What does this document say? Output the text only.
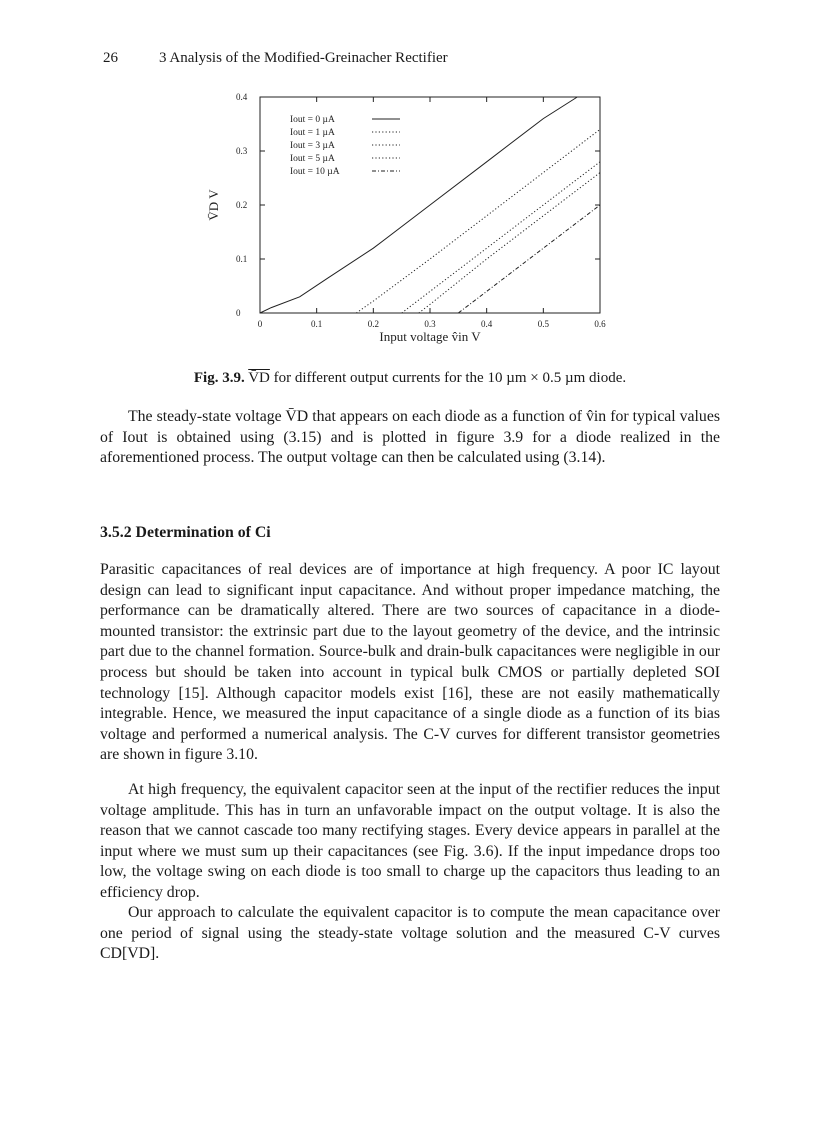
26	3 Analysis of the Modified-Greinacher Rectifier
0	0.1	0.2	0.3	0.4	0.5	0.6
0
0.1
0.2
0.3
0.4
Input voltage v̂in V
V̄D V
Iout = 0 µA
Iout = 1 µA
Iout = 3 µA
Iout = 5 µA
Iout = 10 µA
Fig. 3.9. V̄D for different output currents for the 10 µm × 0.5 µm diode.

The steady-state voltage V̄D that appears on each diode as a function of v̂in for typical values of Iout is obtained using (3.15) and is plotted in figure 3.9 for a diode realized in the aforementioned process. The output voltage can then be calculated using (3.14).

3.5.2 Determination of Ci

Parasitic capacitances of real devices are of importance at high frequency. A poor IC layout design can lead to significant input capacitance. And without proper impedance matching, the performance can be dramatically altered. There are two sources of capacitance in a diode-mounted transistor: the extrinsic part due to the layout geometry of the device, and the intrinsic part due to the channel formation. Source-bulk and drain-bulk capacitances were negligible in our process but should be taken into account in typical bulk CMOS or partially depleted SOI technology [15]. Although capacitor models exist [16], these are not easily mathematically integrable. Hence, we measured the input capacitance of a single diode as a function of its bias voltage and performed a numerical analysis. The C-V curves for different transistor geometries are shown in figure 3.10.

At high frequency, the equivalent capacitor seen at the input of the rectifier reduces the input voltage amplitude. This has in turn an unfavorable impact on the output voltage. It is also the reason that we cannot cascade too many rectifying stages. Every device appears in parallel at the input where we must sum up their capacitances (see Fig. 3.6). If the input impedance drops too low, the voltage swing on each diode is too small to charge up the capacitors thus leading to an efficiency drop.

Our approach to calculate the equivalent capacitor is to compute the mean capacitance over one period of signal using the steady-state voltage solution and the measured C-V curves CD[VD].
